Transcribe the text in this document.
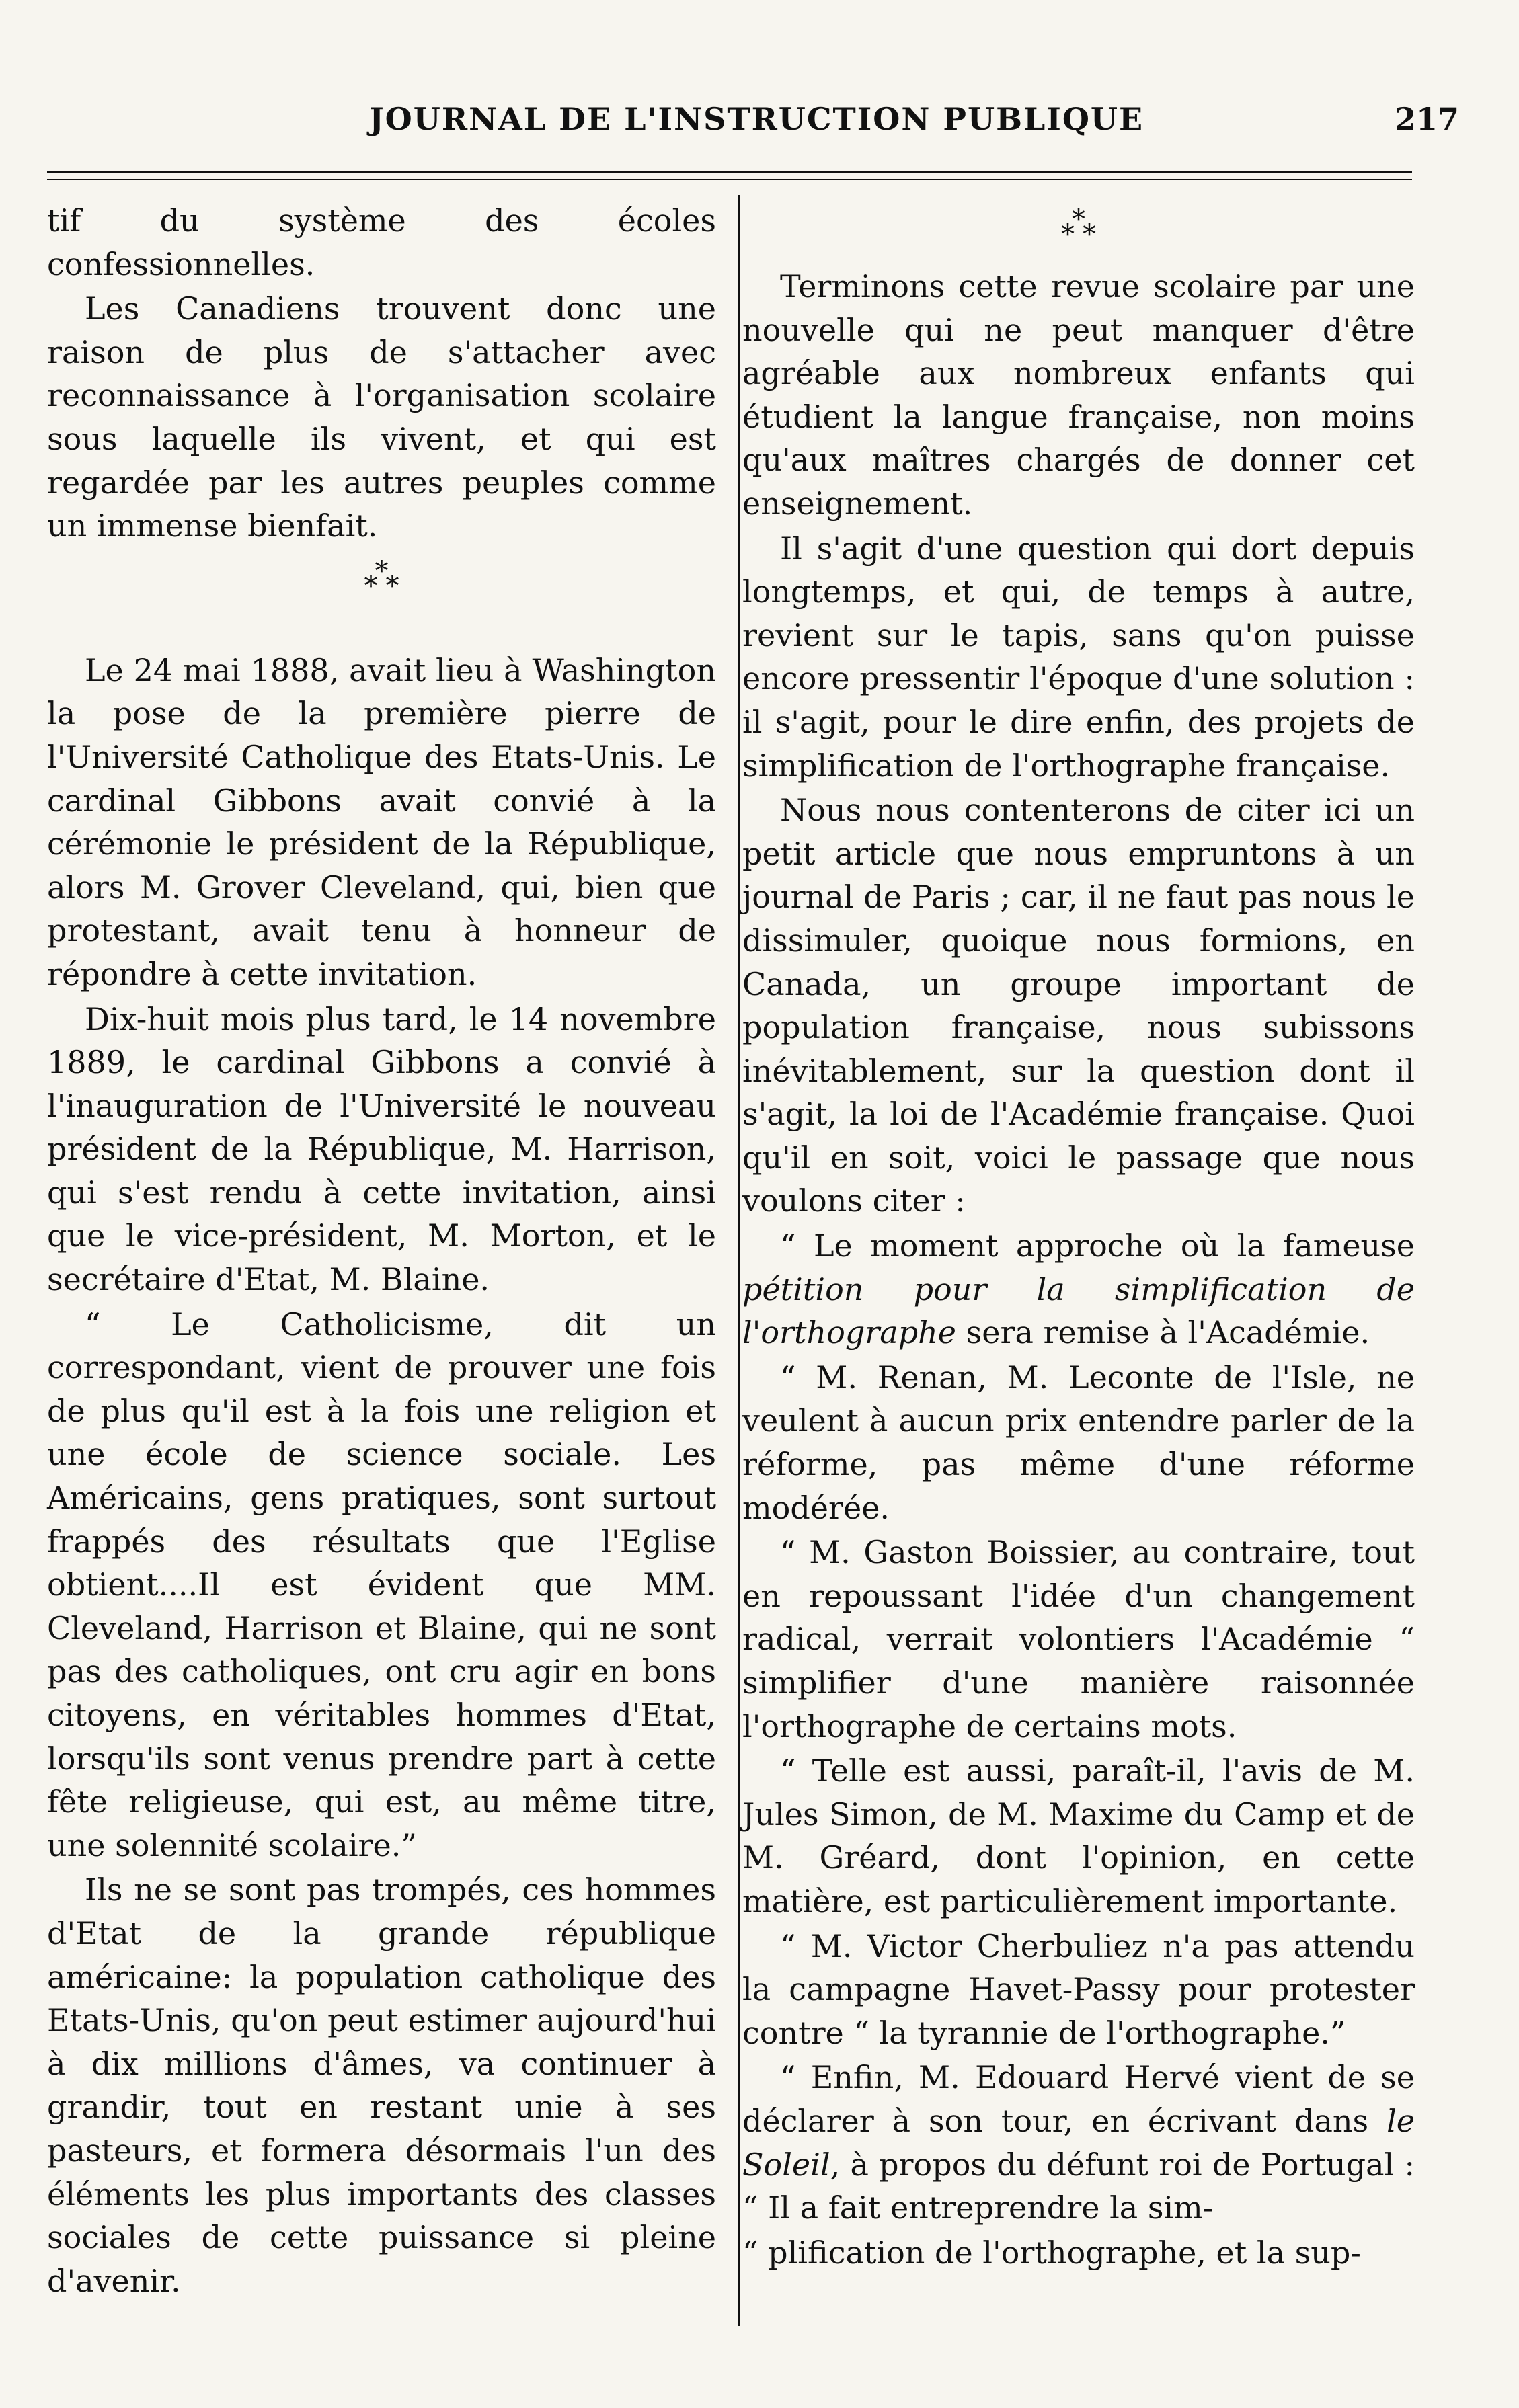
JOURNAL DE L'INSTRUCTION PUBLIQUE	217

tif du système des écoles confessionnelles.

Les Canadiens trouvent donc une raison de plus de s'attacher avec reconnaissance à l'organisation scolaire sous laquelle ils vivent, et qui est regardée par les autres peuples comme un immense bienfait.

*
* *

Le 24 mai 1888, avait lieu à Washington la pose de la première pierre de l'Université Catholique des Etats-Unis. Le cardinal Gibbons avait convié à la cérémonie le président de la République, alors M. Grover Cleveland, qui, bien que protestant, avait tenu à honneur de répondre à cette invitation.

Dix-huit mois plus tard, le 14 novembre 1889, le cardinal Gibbons a convié à l'inauguration de l'Université le nouveau président de la République, M. Harrison, qui s'est rendu à cette invitation, ainsi que le vice-président, M. Morton, et le secrétaire d'Etat, M. Blaine.

“ Le Catholicisme, dit un correspondant, vient de prouver une fois de plus qu'il est à la fois une religion et une école de science sociale. Les Américains, gens pratiques, sont surtout frappés des résultats que l'Eglise obtient....Il est évident que MM. Cleveland, Harrison et Blaine, qui ne sont pas des catholiques, ont cru agir en bons citoyens, en véritables hommes d'Etat, lorsqu'ils sont venus prendre part à cette fête religieuse, qui est, au même titre, une solennité scolaire.”

Ils ne se sont pas trompés, ces hommes d'Etat de la grande république américaine: la population catholique des Etats-Unis, qu'on peut estimer aujourd'hui à dix millions d'âmes, va continuer à grandir, tout en restant unie à ses pasteurs, et formera désormais l'un des éléments les plus importants des classes sociales de cette puissance si pleine d'avenir.

*
* *

Terminons cette revue scolaire par une nouvelle qui ne peut manquer d'être agréable aux nombreux enfants qui étudient la langue française, non moins qu'aux maîtres chargés de donner cet enseignement.

Il s'agit d'une question qui dort depuis longtemps, et qui, de temps à autre, revient sur le tapis, sans qu'on puisse encore pressentir l'époque d'une solution : il s'agit, pour le dire enfin, des projets de simplification de l'orthographe française.

Nous nous contenterons de citer ici un petit article que nous empruntons à un journal de Paris ; car, il ne faut pas nous le dissimuler, quoique nous formions, en Canada, un groupe important de population française, nous subissons inévitablement, sur la question dont il s'agit, la loi de l'Académie française. Quoi qu'il en soit, voici le passage que nous voulons citer :

“ Le moment approche où la fameuse pétition pour la simplification de l'orthographe sera remise à l'Académie.

“ M. Renan, M. Leconte de l'Isle, ne veulent à aucun prix entendre parler de la réforme, pas même d'une réforme modérée.

“ M. Gaston Boissier, au contraire, tout en repoussant l'idée d'un changement radical, verrait volontiers l'Académie “ simplifier d'une manière raisonnée l'orthographe de certains mots.

“ Telle est aussi, paraît-il, l'avis de M. Jules Simon, de M. Maxime du Camp et de M. Gréard, dont l'opinion, en cette matière, est particulièrement importante.

“ M. Victor Cherbuliez n'a pas attendu la campagne Havet-Passy pour protester contre “ la tyrannie de l'orthographe.”

“ Enfin, M. Edouard Hervé vient de se déclarer à son tour, en écrivant dans le Soleil, à propos du défunt roi de Portugal : “ Il a fait entreprendre la sim-

“ plification de l'orthographe, et la sup-
